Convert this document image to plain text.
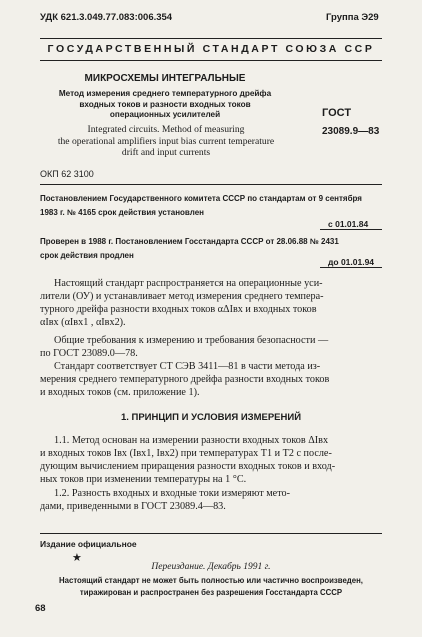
УДК 621.3.049.77.083:006.354	Группа Э29
ГОСУДАРСТВЕННЫЙ СТАНДАРТ СОЮЗА ССР
МИКРОСХЕМЫ ИНТЕГРАЛЬНЫЕ
Метод измерения среднего температурного дрейфа
входных токов и разности входных токов
операционных усилителей
Integrated circuits. Method of measuring
the operational amplifiers input bias current temperature
drift and input currents
ГОСТ
23089.9—83
ОКП 62 3100
Постановлением Государственного комитета СССР по стандартам от 9 сентября
1983 г. № 4165 срок действия установлен
с 01.01.84
Проверен в 1988 г. Постановлением Госстандарта СССР от 28.06.88 № 2431
срок действия продлен
до 01.01.94
Настоящий стандарт распространяется на операционные уси-
лители (ОУ) и устанавливает метод измерения среднего темпера-
турного дрейфа разности входных токов αΔIвх и входных токов
αIвх (αIвх1 , αIвх2).
Общие требования к измерению и требования безопасности —
по ГОСТ 23089.0—78.
Стандарт соответствует СТ СЭВ 3411—81 в части метода из-
мерения среднего температурного дрейфа разности входных токов
и входных токов (см. приложение 1).
1. ПРИНЦИП И УСЛОВИЯ ИЗМЕРЕНИЙ
1.1. Метод основан на измерении разности входных токов ΔIвх
и входных токов Iвх (Iвх1, Iвх2) при температурах T1 и T2 с после-
дующим вычислением приращения разности входных токов и вход-
ных токов при изменении температуры на 1 °С.
1.2. Разность входных и входные токи измеряют мето-
дами, приведенными в ГОСТ 23089.4—83.
Издание официальное
★
Переиздание. Декабрь 1991 г.
Настоящий стандарт не может быть полностью или частично воспроизведен,
тиражирован и распространен без разрешения Госстандарта СССР
68
